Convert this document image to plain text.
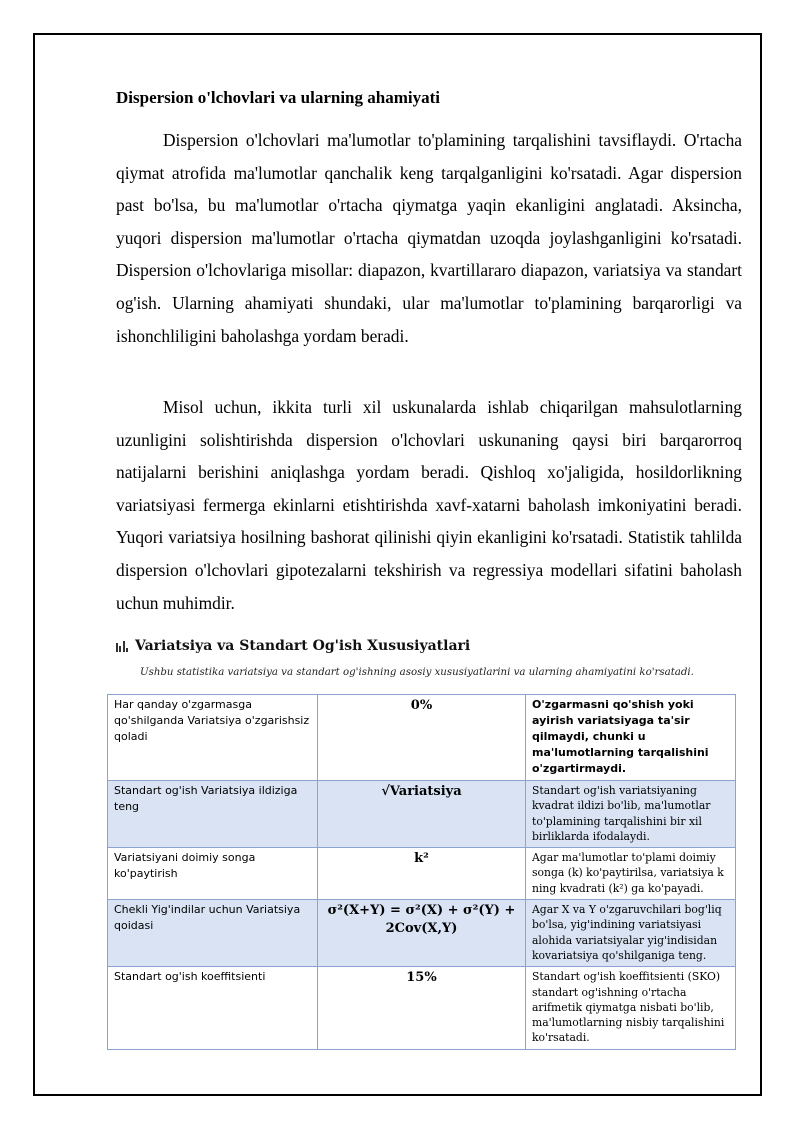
Dispersion o'lchovlari va ularning ahamiyati

Dispersion o'lchovlari ma'lumotlar to'plamining tarqalishini tavsiflaydi. O'rtacha qiymat atrofida ma'lumotlar qanchalik keng tarqalganligini ko'rsatadi. Agar dispersion past bo'lsa, bu ma'lumotlar o'rtacha qiymatga yaqin ekanligini anglatadi. Aksincha, yuqori dispersion ma'lumotlar o'rtacha qiymatdan uzoqda joylashganligini ko'rsatadi. Dispersion o'lchovlariga misollar: diapazon, kvartillararo diapazon, variatsiya va standart og'ish. Ularning ahamiyati shundaki, ular ma'lumotlar to'plamining barqarorligi va ishonchliligini baholashga yordam beradi.

Misol uchun, ikkita turli xil uskunalarda ishlab chiqarilgan mahsulotlarning uzunligini solishtirishda dispersion o'lchovlari uskunaning qaysi biri barqarorroq natijalarni berishini aniqlashga yordam beradi. Qishloq xo'jaligida, hosildorlikning variatsiyasi fermerga ekinlarni etishtirishda xavf-xatarni baholash imkoniyatini beradi. Yuqori variatsiya hosilning bashorat qilinishi qiyin ekanligini ko'rsatadi. Statistik tahlilda dispersion o'lchovlari gipotezalarni tekshirish va regressiya modellari sifatini baholash uchun muhimdir.

Variatsiya va Standart Og'ish Xususiyatlari
Ushbu statistika variatsiya va standart og'ishning asosiy xususiyatlarini va ularning ahamiyatini ko'rsatadi.
Har qanday o'zgarmasga qo'shilganda Variatsiya o'zgarishsiz qoladi	0%	O'zgarmasni qo'shish yoki ayirish variatsiyaga ta'sir qilmaydi, chunki u ma'lumotlarning tarqalishini o'zgartirmaydi.
Standart og'ish Variatsiya ildiziga teng	√Variatsiya	Standart og'ish variatsiyaning kvadrat ildizi bo'lib, ma'lumotlar to'plamining tarqalishini bir xil birliklarda ifodalaydi.
Variatsiyani doimiy songa ko'paytirish	k²	Agar ma'lumotlar to'plami doimiy songa (k) ko'paytirilsa, variatsiya k ning kvadrati (k²) ga ko'payadi.
Chekli Yig'indilar uchun Variatsiya qoidasi	σ²(X+Y) = σ²(X) + σ²(Y) + 2Cov(X,Y)	Agar X va Y o'zgaruvchilari bog'liq bo'lsa, yig'indining variatsiyasi alohida variatsiyalar yig'indisidan kovariatsiya qo'shilganiga teng.
Standart og'ish koeffitsienti	15%	Standart og'ish koeffitsienti (SKO) standart og'ishning o'rtacha arifmetik qiymatga nisbati bo'lib, ma'lumotlarning nisbiy tarqalishini ko'rsatadi.
